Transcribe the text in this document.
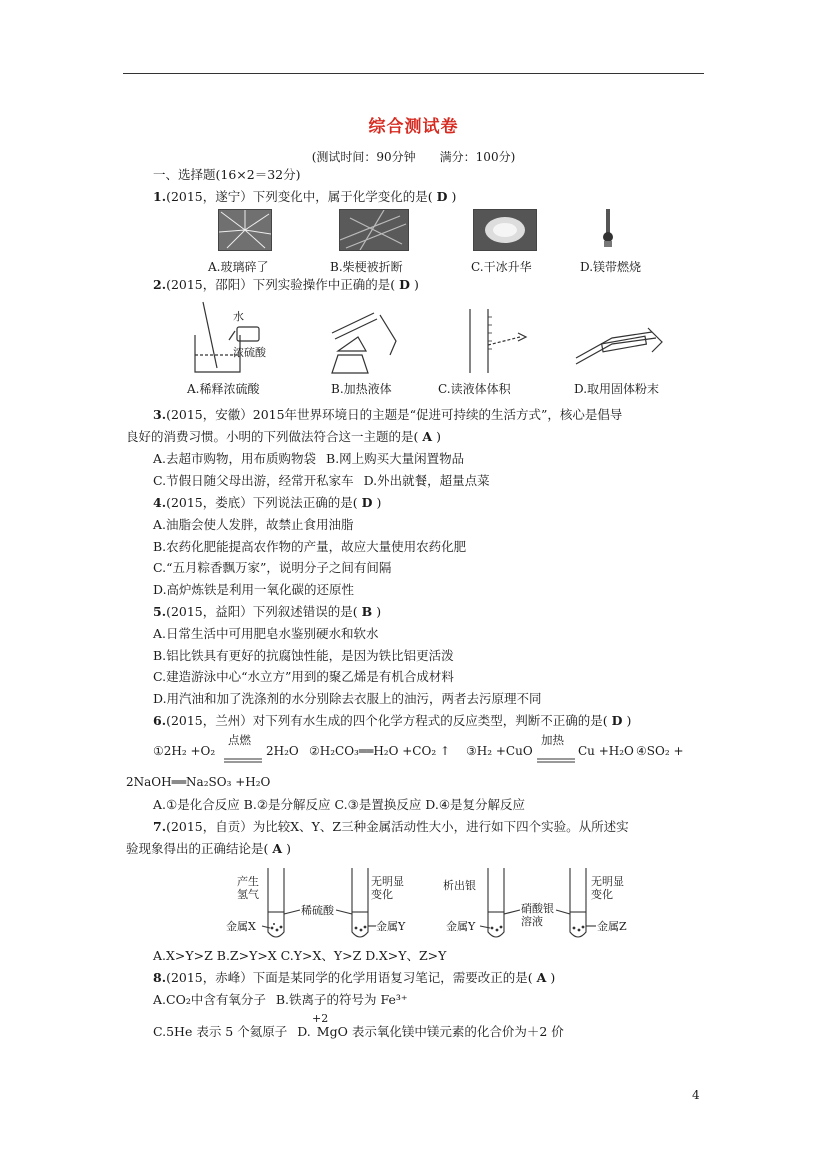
综合测试卷
(测试时间：90分钟 满分：100分)
一、选择题(16×2＝32分)
1.(2015，遂宁）下列变化中，属于化学变化的是( D )
A.玻璃碎了	B.柴梗被折断	C.干冰升华	D.镁带燃烧
2.(2015，邵阳）下列实验操作中正确的是( D )
水
浓硫酸
A.稀释浓硫酸	B.加热液体	C.读液体体积	D.取用固体粉末
3.(2015，安徽）2015年世界环境日的主题是“促进可持续的生活方式”，核心是倡导
良好的消费习惯。小明的下列做法符合这一主题的是( A )
A.去超市购物，用布质购物袋 B.网上购买大量闲置物品
C.节假日随父母出游，经常开私家车 D.外出就餐，超量点菜
4.(2015，娄底）下列说法正确的是( D )
A.油脂会使人发胖，故禁止食用油脂
B.农药化肥能提高农作物的产量，故应大量使用农药化肥
C.“五月粽香飘万家”，说明分子之间有间隔
D.高炉炼铁是利用一氧化碳的还原性
5.(2015，益阳）下列叙述错误的是( B )
A.日常生活中可用肥皂水鉴别硬水和软水
B.铝比铁具有更好的抗腐蚀性能，是因为铁比铝更活泼
C.建造游泳中心“水立方”用到的聚乙烯是有机合成材料
D.用汽油和加了洗涤剂的水分别除去衣服上的油污，两者去污原理不同
6.(2015，兰州）对下列有水生成的四个化学方程式的反应类型，判断不正确的是( D )
点燃
①2H₂ +O₂	2H₂O ②H₂CO₃══H₂O +CO₂ ↑ ③H₂ +CuO
加热
Cu +H₂O ④SO₂ +
2NaOH══Na₂SO₃ +H₂O
A.①是化合反应 B.②是分解反应 C.③是置换反应 D.④是复分解反应
7.(2015，自贡）为比较X、Y、Z三种金属活动性大小，进行如下四个实验。从所述实
验现象得出的正确结论是( A )
产生
氢气
稀硫酸
无明显
变化
金属X	金属Y
析出银
硝酸银
溶液
无明显
变化
金属Y	金属Z
A.X>Y>Z B.Z>Y>X C.Y>X、Y>Z D.X>Y、Z>Y
8.(2015，赤峰）下面是某同学的化学用语复习笔记，需要改正的是( A )
A.CO₂中含有氧分子 B.铁离子的符号为 Fe³⁺
+2
C.5He 表示 5 个氦原子 D. MgO 表示氧化镁中镁元素的化合价为＋2 价
4
